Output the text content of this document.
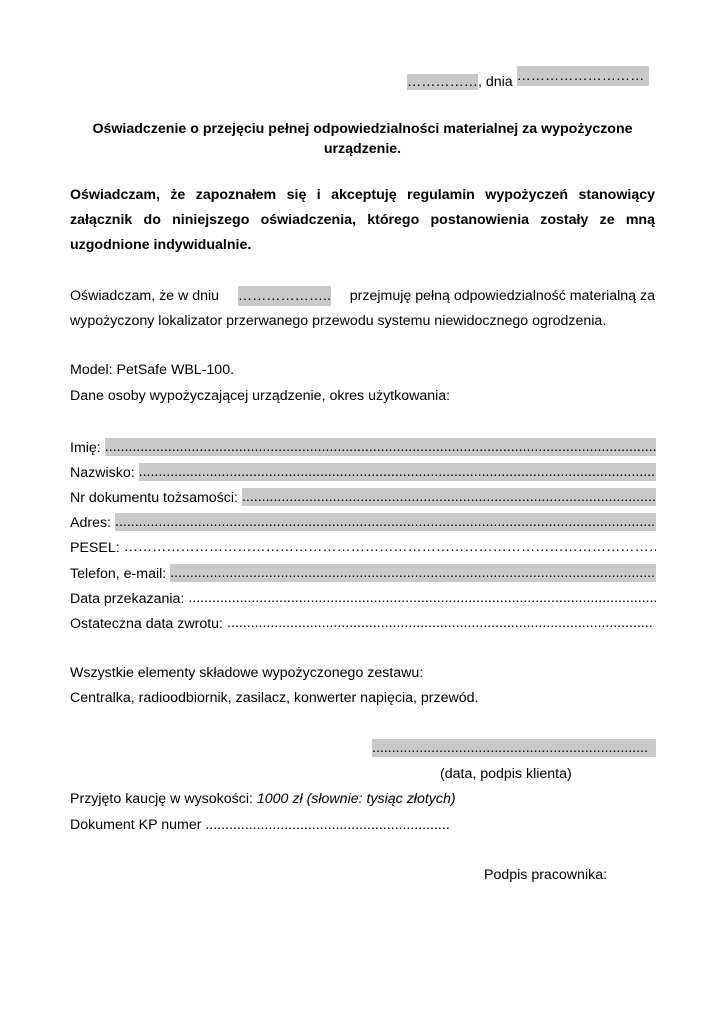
……………, dnia ………………………
Oświadczenie o przejęciu pełnej odpowiedzialności materialnej za wypożyczone urządzenie.
Oświadczam, że zapoznałem się i akceptuję regulamin wypożyczeń stanowiący
załącznik do niniejszego oświadczenia, którego postanowienia zostały ze mną
uzgodnione indywidualnie.
Oświadczam, że w dniu ……………….. przejmuję pełną odpowiedzialność materialną za
wypożyczony lokalizator przerwanego przewodu systemu niewidocznego ogrodzenia.
Model: PetSafe WBL-100.
Dane osoby wypożyczającej urządzenie, okres użytkowania:
Imię:
.....
Nazwisko:
.....
Nr dokumentu tożsamości:
.....
Adres:
.....
PESEL:
…………………………………………………………………………………………………………………………………………………………
Telefon, e-mail:
.....
Data przekazania:
.....
Ostateczna data zwrotu:
.....
Wszystkie elementy składowe wypożyczonego zestawu:
Centralka, radioodbiornik, zasilacz, konwerter napięcia, przewód.
......................................................................
(data, podpis klienta)
Przyjęto kaucję w wysokości: 1000 zł (słownie: tysiąc złotych)
Dokument KP numer ..............................................................
Podpis pracownika:
